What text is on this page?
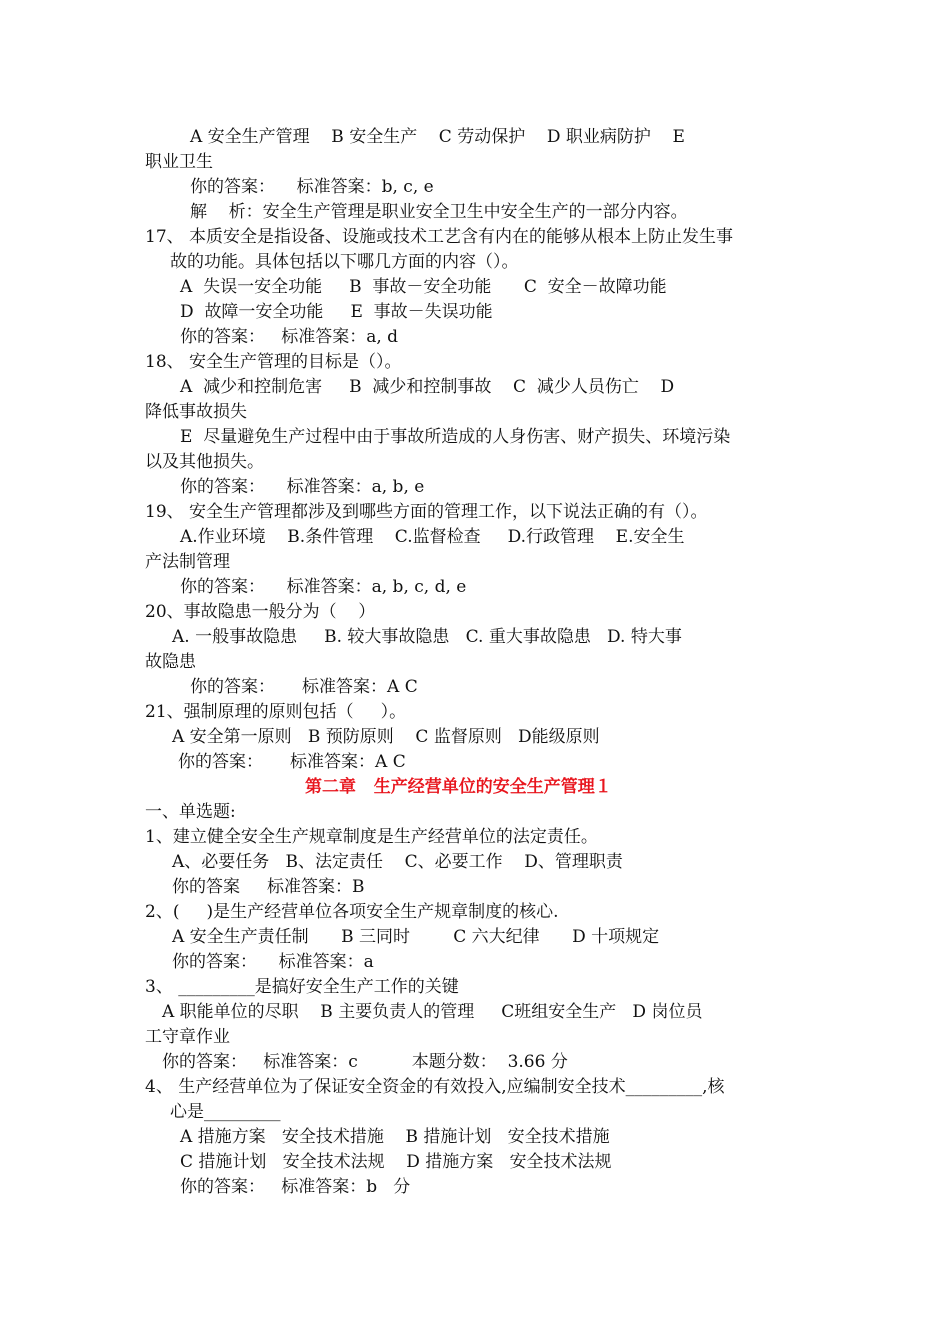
A 安全生产管理    B 安全生产    C 劳动保护    D 职业病防护    E
职业卫生
你的答案：    标准答案：b, c, e
解    析：安全生产管理是职业安全卫生中安全生产的一部分内容。
17、 本质安全是指设备、设施或技术工艺含有内在的能够从根本上防止发生事
故的功能。具体包括以下哪几方面的内容（）。
A  失误一安全功能     B  事故－安全功能      C  安全－故障功能
D  故障一安全功能     E  事故－失误功能
你的答案：   标准答案：a, d
18、 安全生产管理的目标是（）。
A  减少和控制危害     B  减少和控制事故    C  减少人员伤亡    D
降低事故损失
E  尽量避免生产过程中由于事故所造成的人身伤害、财产损失、环境污染
以及其他损失。
你的答案：    标准答案：a, b, e
19、 安全生产管理都涉及到哪些方面的管理工作，以下说法正确的有（）。
A.作业环境    B.条件管理    C.监督检查     D.行政管理    E.安全生
产法制管理
你的答案：    标准答案：a, b, c, d, e
20、事故隐患一般分为（    ）
A. 一般事故隐患     B. 较大事故隐患   C. 重大事故隐患   D. 特大事
故隐患
你的答案：     标准答案：A C
21、强制原理的原则包括（     ）。
A 安全第一原则   B 预防原则    C 监督原则   D能级原则
你的答案：     标准答案：A C
第二章   生产经营单位的安全生产管理１
一、单选题:
1、建立健全安全生产规章制度是生产经营单位的法定责任。
A、必要任务   B、法定责任    C、必要工作    D、管理职责
你的答案     标准答案：B
2、(     )是生产经营单位各项安全生产规章制度的核心.
A 安全生产责任制      B 三同时        C 六大纪律      D 十项规定
你的答案：    标准答案：a
3、 _________是搞好安全生产工作的关键
A 职能单位的尽职    B 主要负责人的管理     C班组安全生产   D 岗位员
工守章作业
你的答案：   标准答案：c          本题分数：  3.66 分
4、 生产经营单位为了保证安全资金的有效投入,应编制安全技术_________,核
心是_________
A 措施方案   安全技术措施    B 措施计划   安全技术措施
C 措施计划   安全技术法规    D 措施方案   安全技术法规
你的答案：   标准答案：b   分
